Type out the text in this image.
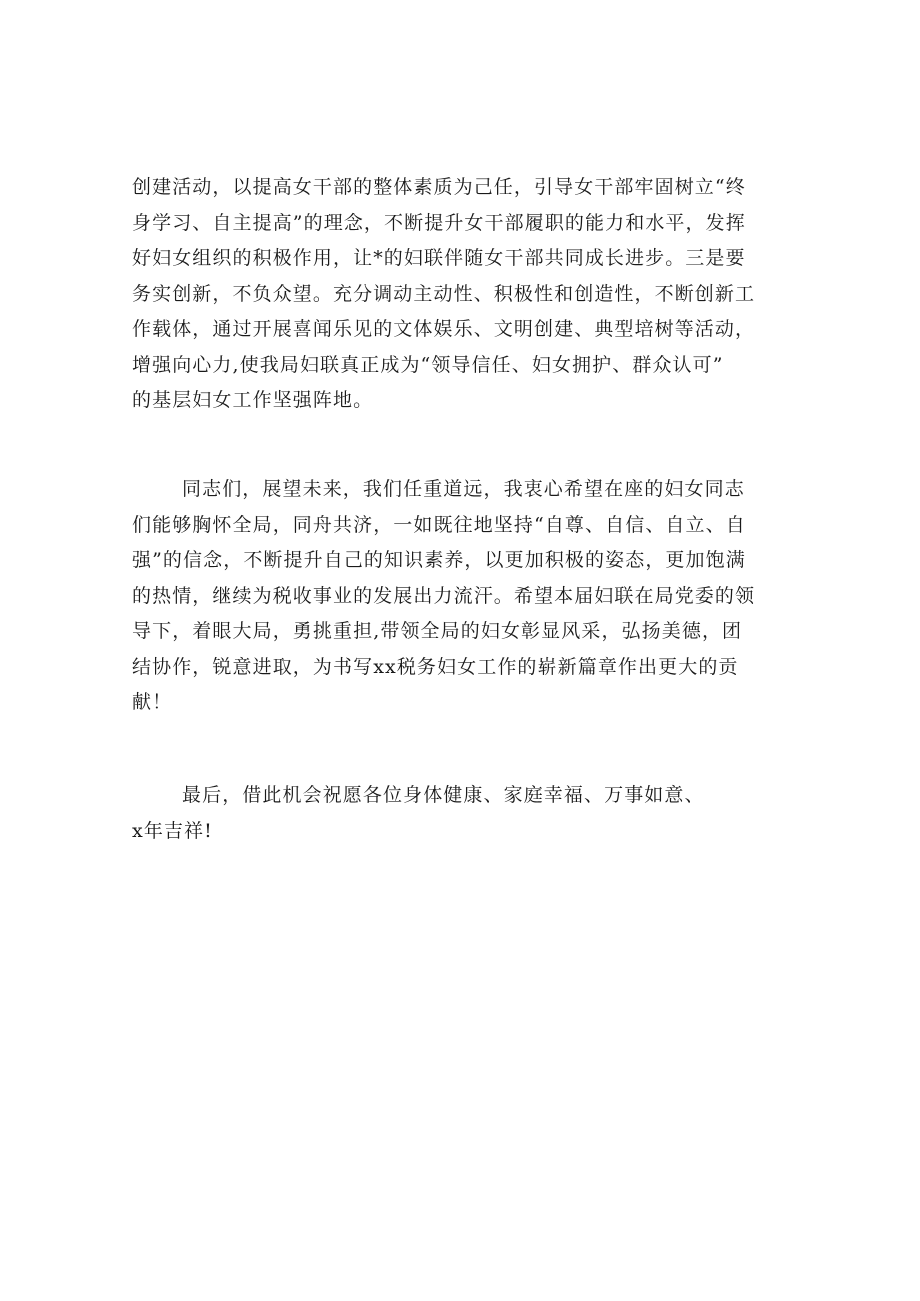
创建活动，以提高女干部的整体素质为己任，引导女干部牢固树立“终
身学习、自主提高”的理念，不断提升女干部履职的能力和水平，发挥
好妇女组织的积极作用，让*的妇联伴随女干部共同成长进步。三是要
务实创新，不负众望。充分调动主动性、积极性和创造性，不断创新工
作载体，通过开展喜闻乐见的文体娱乐、文明创建、典型培树等活动，
增强向心力,使我局妇联真正成为“领导信任、妇女拥护、群众认可”
的基层妇女工作坚强阵地。

同志们，展望未来，我们任重道远，我衷心希望在座的妇女同志
们能够胸怀全局，同舟共济，一如既往地坚持“自尊、自信、自立、自
强”的信念，不断提升自己的知识素养，以更加积极的姿态，更加饱满
的热情，继续为税收事业的发展出力流汗。希望本届妇联在局党委的领
导下，着眼大局，勇挑重担,带领全局的妇女彰显风采，弘扬美德，团
结协作，锐意进取，为书写xx税务妇女工作的崭新篇章作出更大的贡
献！

最后，借此机会祝愿各位身体健康、家庭幸福、万事如意、
x年吉祥!
